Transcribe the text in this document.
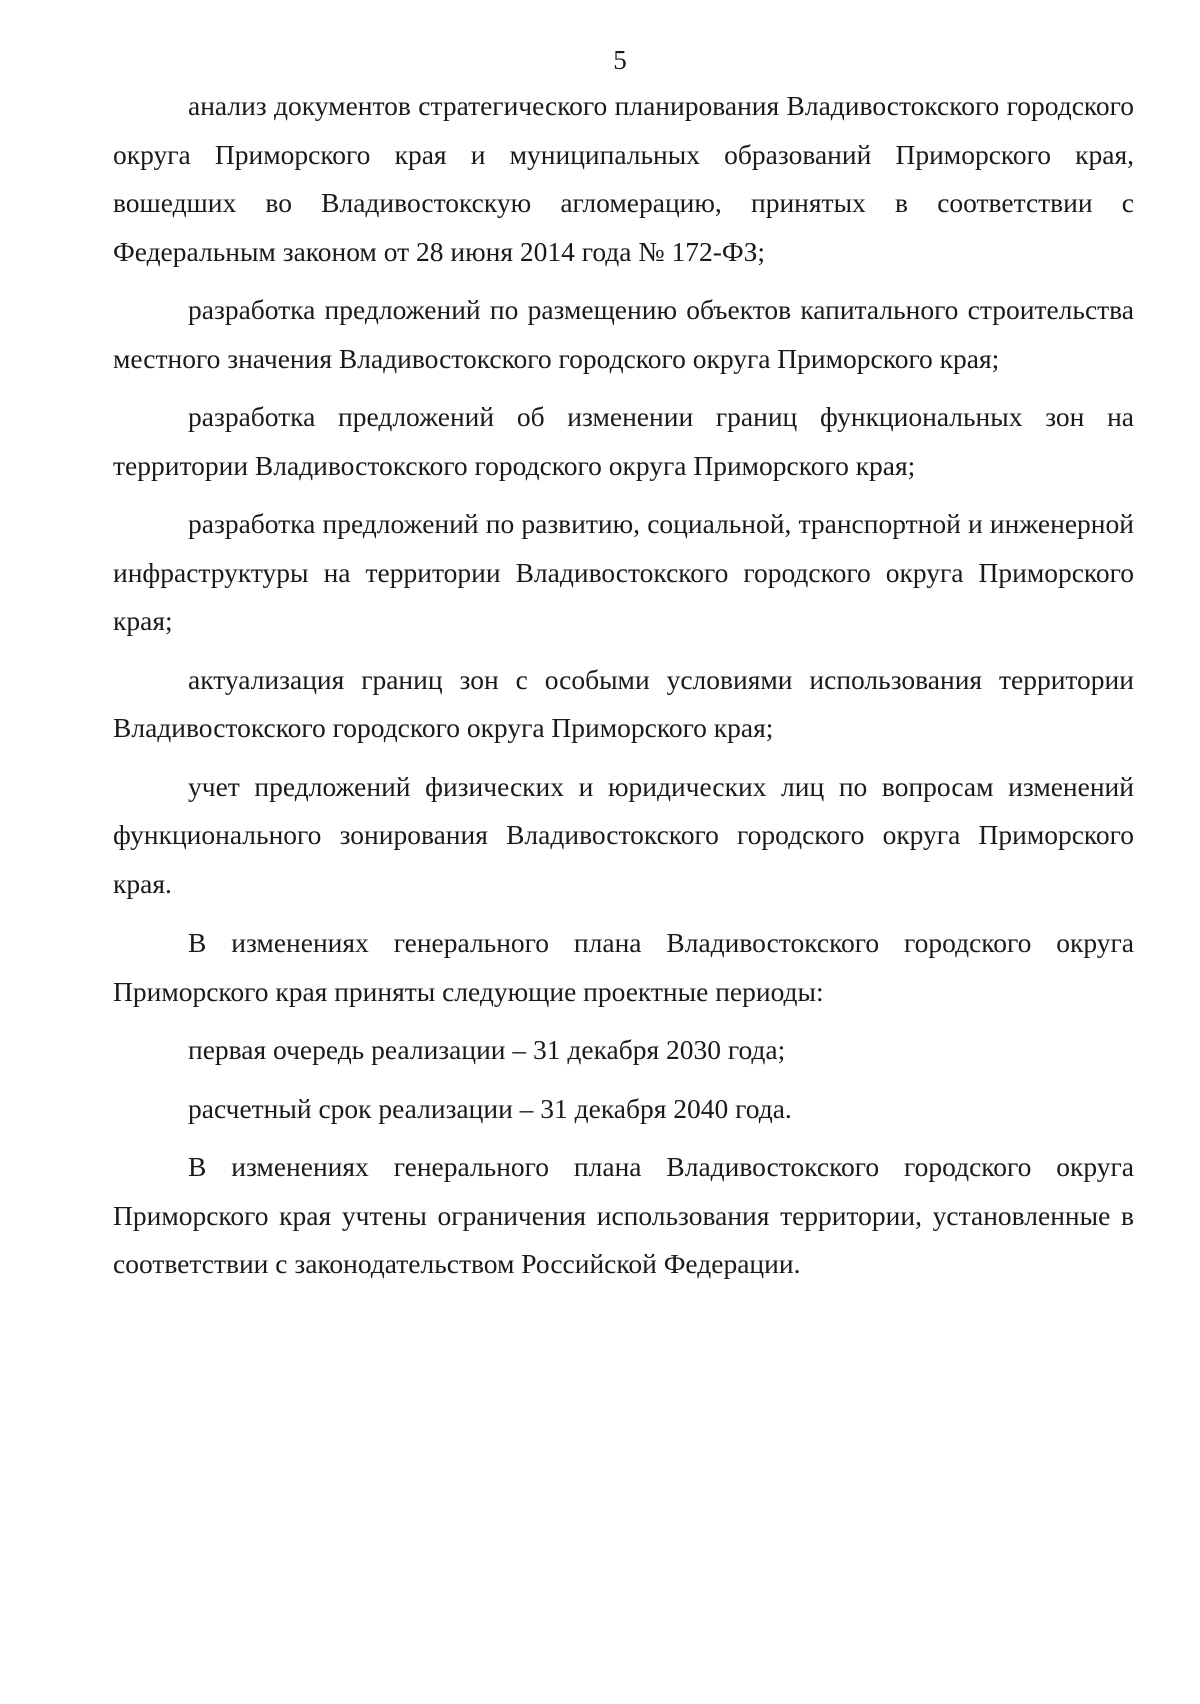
5

анализ документов стратегического планирования Владивостокского городского округа Приморского края и муниципальных образований Приморского края, вошедших во Владивостокскую агломерацию, принятых в соответствии с Федеральным законом от 28 июня 2014 года № 172-ФЗ;

разработка предложений по размещению объектов капитального строительства местного значения Владивостокского городского округа Приморского края;

разработка предложений об изменении границ функциональных зон на территории Владивостокского городского округа Приморского края;

разработка предложений по развитию, социальной, транспортной и инженерной инфраструктуры на территории Владивостокского городского округа Приморского края;

актуализация границ зон с особыми условиями использования территории Владивостокского городского округа Приморского края;

учет предложений физических и юридических лиц по вопросам изменений функционального зонирования Владивостокского городского округа Приморского края.

В изменениях генерального плана Владивостокского городского округа Приморского края приняты следующие проектные периоды:

первая очередь реализации – 31 декабря 2030 года;

расчетный срок реализации – 31 декабря 2040 года.

В изменениях генерального плана Владивостокского городского округа Приморского края учтены ограничения использования территории, установленные в соответствии с законодательством Российской Федерации.
